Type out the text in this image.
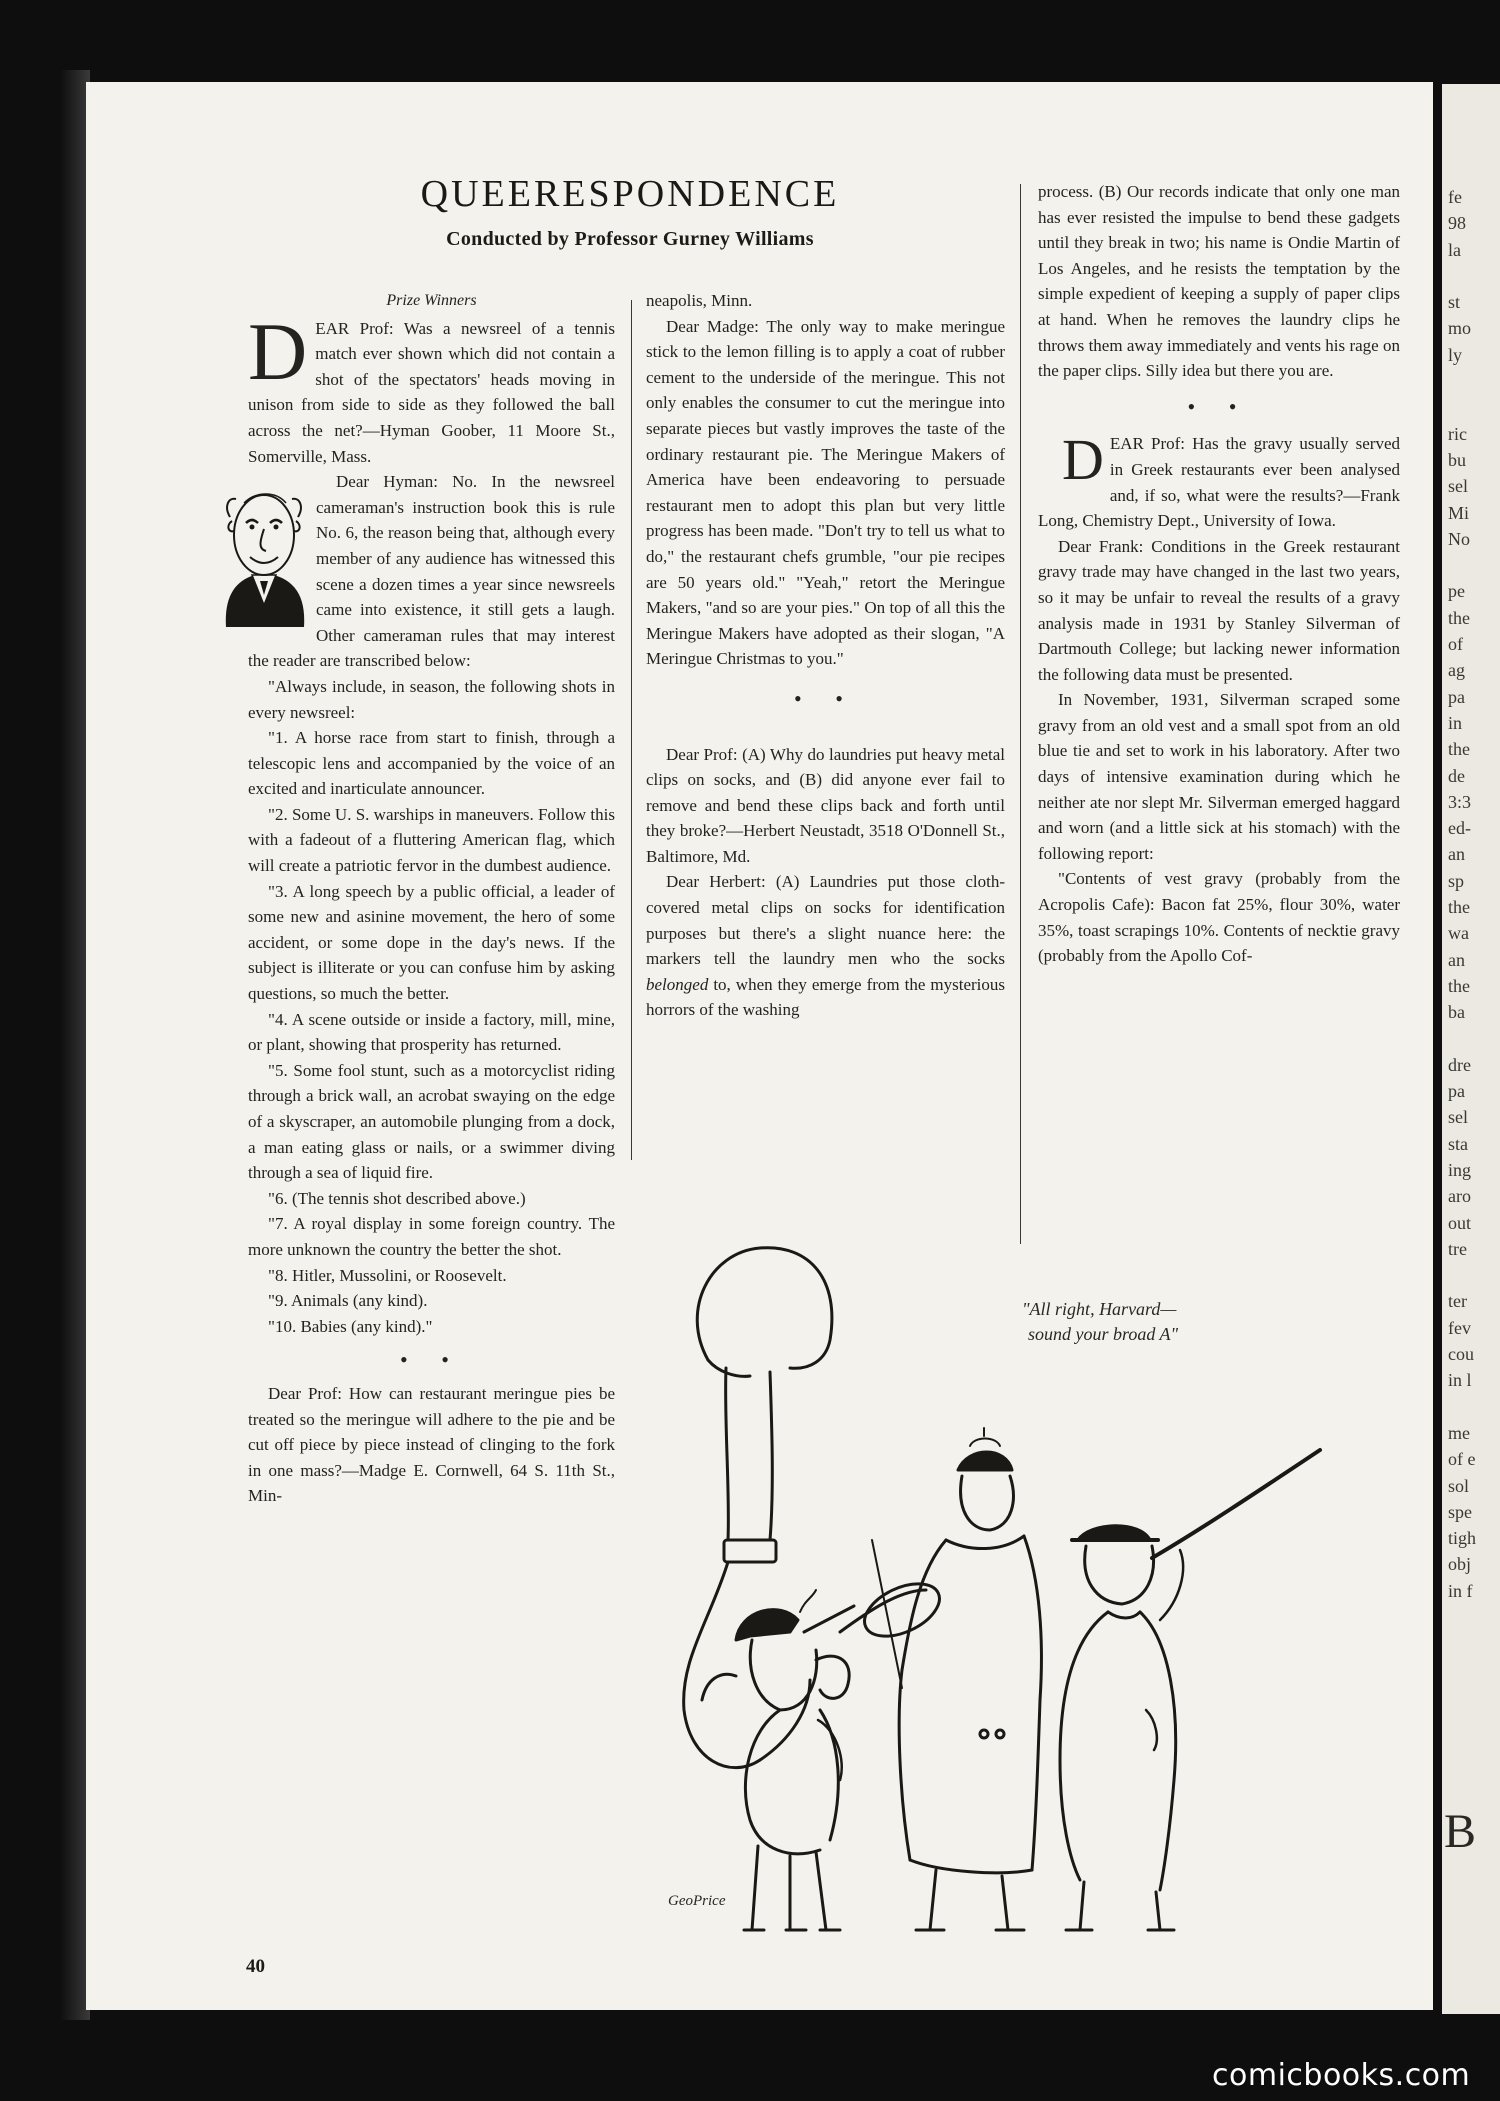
fe
98
la

st
mo
ly

ric
bu
sel
Mi
No

pe
the
of
ag
pa
in
the
de
3:3
ed-
an
sp
the
wa
an
the
ba

dre
pa
sel
sta
ing
aro
out
tre

ter
fev
cou
in l

me
of e
sol
spe
tigh
obj
in f
B
QUEERESPONDENCE
Conducted by Professor Gurney Williams

Prize Winners

DEAR Prof: Was a newsreel of a tennis match ever shown which did not contain a shot of the spectators' heads moving in unison from side to side as they followed the ball across the net?—Hyman Goober, 11 Moore St., Somerville, Mass.

Dear Hyman: No. In the newsreel cameraman's instruction book this is rule No. 6, the reason being that, although every member of any audience has witnessed this scene a dozen times a year since newsreels came into existence, it still gets a laugh. Other cameraman rules that may interest the reader are transcribed below:

"Always include, in season, the following shots in every newsreel:

"1. A horse race from start to finish, through a telescopic lens and accompanied by the voice of an excited and inarticulate announcer.

"2. Some U. S. warships in maneuvers. Follow this with a fadeout of a fluttering American flag, which will create a patriotic fervor in the dumbest audience.

"3. A long speech by a public official, a leader of some new and asinine movement, the hero of some accident, or some dope in the day's news. If the subject is illiterate or you can confuse him by asking questions, so much the better.

"4. A scene outside or inside a factory, mill, mine, or plant, showing that prosperity has returned.

"5. Some fool stunt, such as a motorcyclist riding through a brick wall, an acrobat swaying on the edge of a skyscraper, an automobile plunging from a dock, a man eating glass or nails, or a swimmer diving through a sea of liquid fire.

"6. (The tennis shot described above.)

"7. A royal display in some foreign country. The more unknown the country the better the shot.

"8. Hitler, Mussolini, or Roosevelt.

"9. Animals (any kind).

"10. Babies (any kind)."

• •

Dear Prof: How can restaurant meringue pies be treated so the meringue will adhere to the pie and be cut off piece by piece instead of clinging to the fork in one mass?—Madge E. Cornwell, 64 S. 11th St., Min-

neapolis, Minn.

Dear Madge: The only way to make meringue stick to the lemon filling is to apply a coat of rubber cement to the underside of the meringue. This not only enables the consumer to cut the meringue into separate pieces but vastly improves the taste of the ordinary restaurant pie. The Meringue Makers of America have been endeavoring to persuade restaurant men to adopt this plan but very little progress has been made. "Don't try to tell us what to do," the restaurant chefs grumble, "our pie recipes are 50 years old." "Yeah," retort the Meringue Makers, "and so are your pies." On top of all this the Meringue Makers have adopted as their slogan, "A Meringue Christmas to you."

• •

Dear Prof: (A) Why do laundries put heavy metal clips on socks, and (B) did anyone ever fail to remove and bend these clips back and forth until they broke?—Herbert Neustadt, 3518 O'Donnell St., Baltimore, Md.

Dear Herbert: (A) Laundries put those cloth-covered metal clips on socks for identification purposes but there's a slight nuance here: the markers tell the laundry men who the socks belonged to, when they emerge from the mysterious horrors of the washing

process. (B) Our records indicate that only one man has ever resisted the impulse to bend these gadgets until they break in two; his name is Ondie Martin of Los Angeles, and he resists the temptation by the simple expedient of keeping a supply of paper clips at hand. When he removes the laundry clips he throws them away immediately and vents his rage on the paper clips. Silly idea but there you are.

• •

DEAR Prof: Has the gravy usually served in Greek restaurants ever been analysed and, if so, what were the results?—Frank Long, Chemistry Dept., University of Iowa.

Dear Frank: Conditions in the Greek restaurant gravy trade may have changed in the last two years, so it may be unfair to reveal the results of a gravy analysis made in 1931 by Stanley Silverman of Dartmouth College; but lacking newer information the following data must be presented.

In November, 1931, Silverman scraped some gravy from an old vest and a small spot from an old blue tie and set to work in his laboratory. After two days of intensive examination during which he neither ate nor slept Mr. Silverman emerged haggard and worn (and a little sick at his stomach) with the following report:

"Contents of vest gravy (probably from the Acropolis Cafe): Bacon fat 25%, flour 30%, water 35%, toast scrapings 10%. Contents of necktie gravy (probably from the Apollo Cof-

"All right, Harvard—
sound your broad A"
GeoPrice
40
comicbooks.com
